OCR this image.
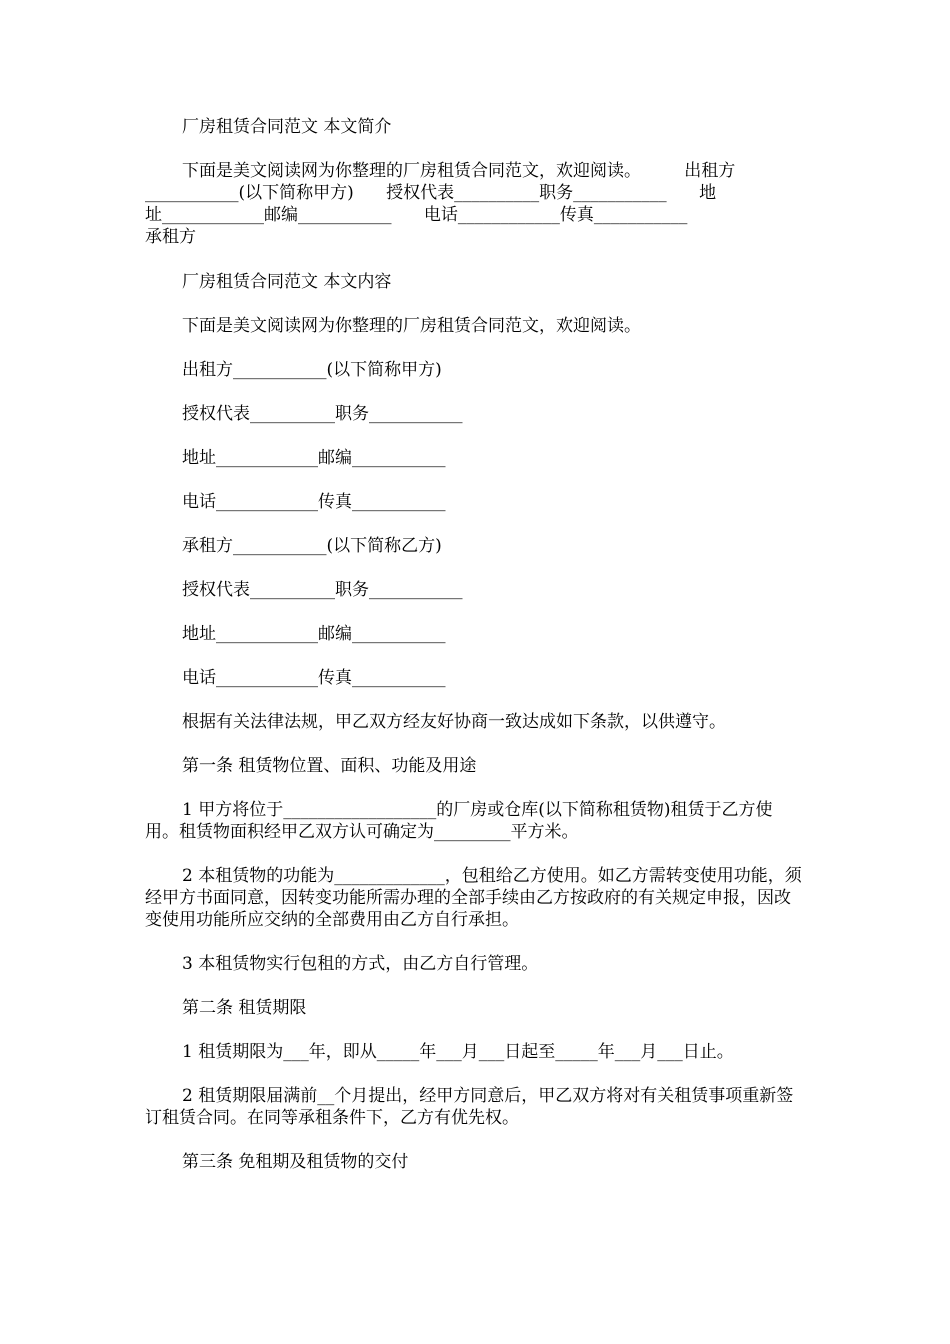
厂房租赁合同范文 本文简介

下面是美文阅读网为你整理的厂房租赁合同范文，欢迎阅读。        出租方

___________(以下简称甲方)      授权代表__________职务___________      地

址____________邮编___________      电话____________传真___________

承租方

厂房租赁合同范文 本文内容

下面是美文阅读网为你整理的厂房租赁合同范文，欢迎阅读。

出租方___________(以下简称甲方)

授权代表__________职务___________

地址____________邮编___________

电话____________传真___________

承租方___________(以下简称乙方)

授权代表__________职务___________

地址____________邮编___________

电话____________传真___________

根据有关法律法规，甲乙双方经友好协商一致达成如下条款，以供遵守。

第一条 租赁物位置、面积、功能及用途

1 甲方将位于__________________的厂房或仓库(以下简称租赁物)租赁于乙方使用。租赁物面积经甲乙双方认可确定为_________平方米。

2 本租赁物的功能为_____________，包租给乙方使用。如乙方需转变使用功能，须经甲方书面同意，因转变功能所需办理的全部手续由乙方按政府的有关规定申报，因改变使用功能所应交纳的全部费用由乙方自行承担。

3 本租赁物实行包租的方式，由乙方自行管理。

第二条 租赁期限

1 租赁期限为___年，即从_____年___月___日起至_____年___月___日止。

2 租赁期限届满前__个月提出，经甲方同意后，甲乙双方将对有关租赁事项重新签订租赁合同。在同等承租条件下，乙方有优先权。

第三条 免租期及租赁物的交付
